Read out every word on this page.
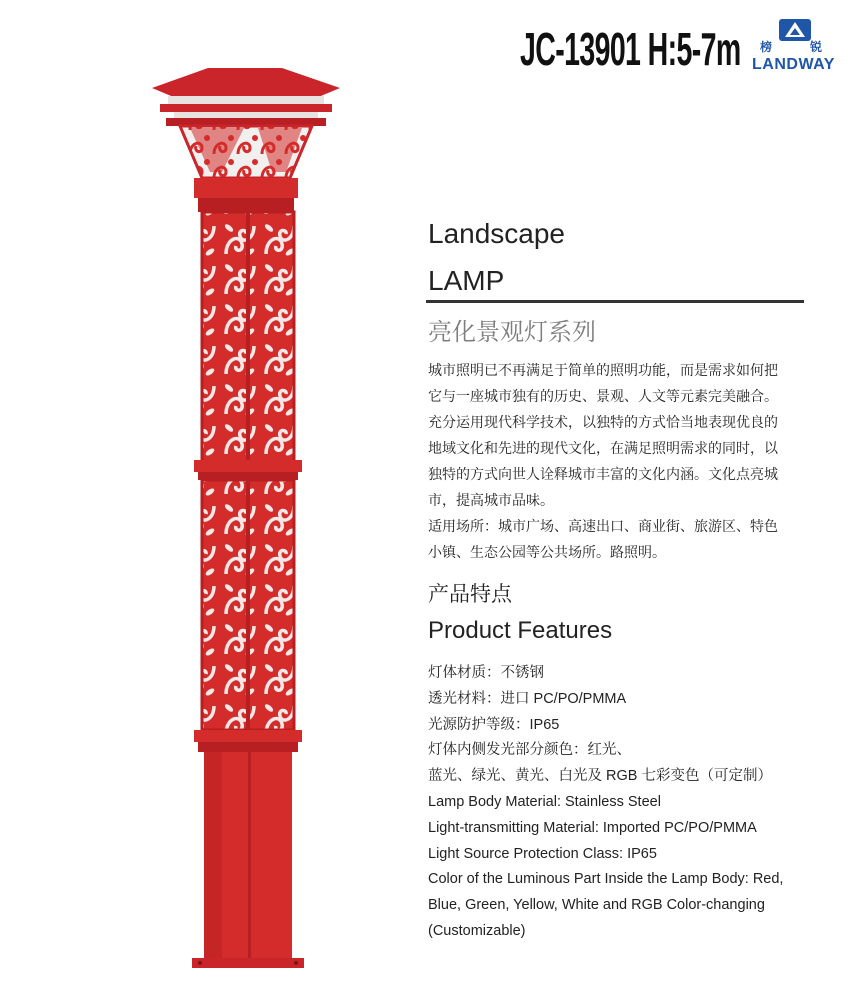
JC-13901 H:5-7m 榜	锐
LANDWAY
Landscape
LAMP
亮化景观灯系列
城市照明已不再满足于简单的照明功能，而是需求如何把
它与一座城市独有的历史、景观、人文等元素完美融合。
充分运用现代科学技术，以独特的方式恰当地表现优良的
地域文化和先进的现代文化，在满足照明需求的同时，以
独特的方式向世人诠释城市丰富的文化内涵。文化点亮城
市，提高城市品味。
适用场所：城市广场、高速出口、商业街、旅游区、特色
小镇、生态公园等公共场所。路照明。
产品特点
Product Features
灯体材质：不锈钢
透光材料：进口 PC/PO/PMMA
光源防护等级：IP65
灯体内侧发光部分颜色：红光、
蓝光、绿光、黄光、白光及 RGB 七彩变色（可定制）
Lamp Body Material: Stainless Steel
Light-transmitting Material: Imported PC/PO/PMMA
Light Source Protection Class: IP65
Color of the Luminous Part Inside the Lamp Body: Red,
Blue, Green, Yellow, White and RGB Color-changing
(Customizable)
